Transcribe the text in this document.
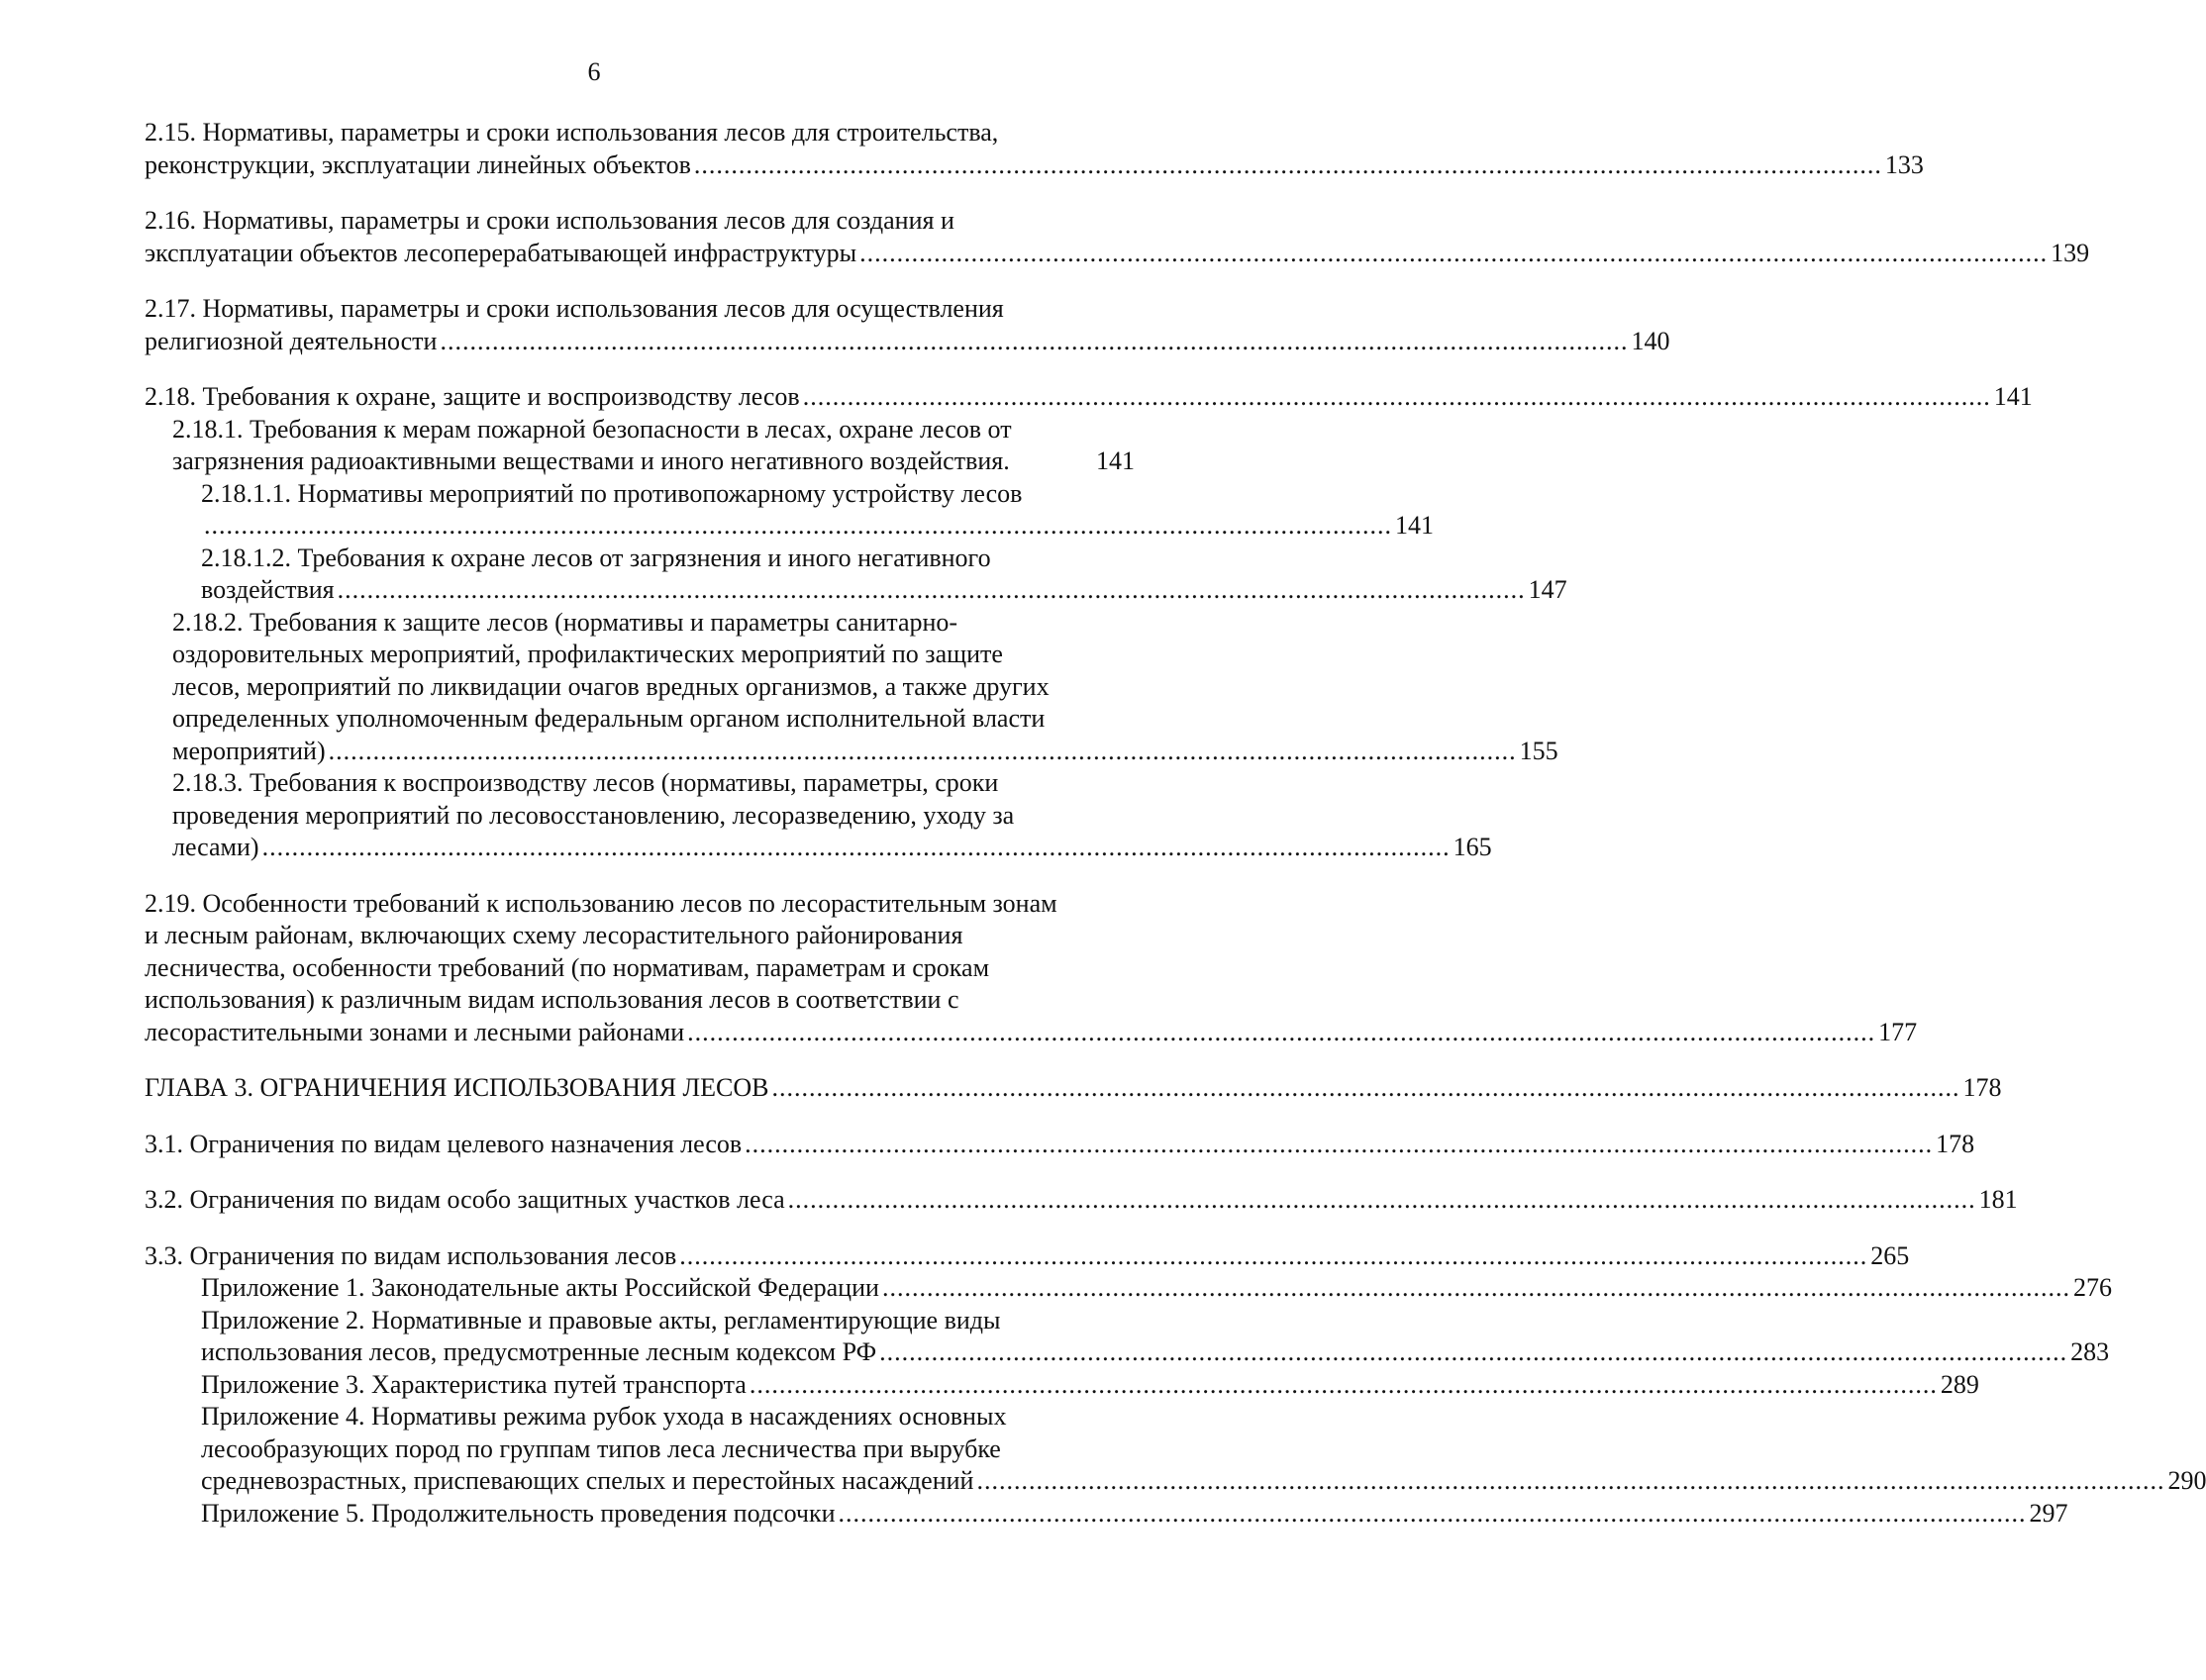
6
2.15. Нормативы, параметры и сроки использования лесов для строительства,
реконструкции, эксплуатации линейных объектов ................................................................................................................................................................ 133
2.16. Нормативы, параметры и сроки использования лесов для создания и
эксплуатации объектов лесоперерабатывающей инфраструктуры ................................................................................................................................................................ 139
2.17. Нормативы, параметры и сроки использования лесов для осуществления
религиозной деятельности ................................................................................................................................................................ 140
2.18. Требования к охране, защите и воспроизводству лесов ................................................................................................................................................................ 141
2.18.1. Требования к мерам пожарной безопасности в лесах, охране лесов от
загрязнения радиоактивными веществами и иного негативного воздействия.	141
2.18.1.1. Нормативы мероприятий по противопожарному устройству лесов
................................................................................................................................................................ 141
2.18.1.2. Требования к охране лесов от загрязнения и иного негативного
воздействия ................................................................................................................................................................ 147
2.18.2. Требования к защите лесов (нормативы и параметры санитарно-
оздоровительных мероприятий, профилактических мероприятий по защите
лесов, мероприятий по ликвидации очагов вредных организмов, а также других
определенных уполномоченным федеральным органом исполнительной власти
мероприятий) ................................................................................................................................................................ 155
2.18.3. Требования к воспроизводству лесов (нормативы, параметры, сроки
проведения мероприятий по лесовосстановлению, лесоразведению, уходу за
лесами) ................................................................................................................................................................ 165
2.19. Особенности требований к использованию лесов по лесорастительным зонам
и лесным районам, включающих схему лесорастительного районирования
лесничества, особенности требований (по нормативам, параметрам и срокам
использования) к различным видам использования лесов в соответствии с
лесорастительными зонами и лесными районами ................................................................................................................................................................ 177
ГЛАВА 3. ОГРАНИЧЕНИЯ ИСПОЛЬЗОВАНИЯ ЛЕСОВ ................................................................................................................................................................ 178
3.1. Ограничения по видам целевого назначения лесов ................................................................................................................................................................ 178
3.2. Ограничения по видам особо защитных участков леса ................................................................................................................................................................ 181
3.3. Ограничения по видам использования лесов ................................................................................................................................................................ 265
Приложение 1. Законодательные акты Российской Федерации ................................................................................................................................................................ 276
Приложение 2. Нормативные и правовые акты, регламентирующие виды
использования лесов, предусмотренные лесным кодексом РФ ................................................................................................................................................................ 283
Приложение 3. Характеристика путей транспорта ................................................................................................................................................................ 289
Приложение 4. Нормативы режима рубок ухода в насаждениях основных
лесообразующих пород по группам типов леса лесничества при вырубке
средневозрастных, приспевающих спелых и перестойных насаждений ................................................................................................................................................................ 290
Приложение 5. Продолжительность проведения подсочки ................................................................................................................................................................ 297
